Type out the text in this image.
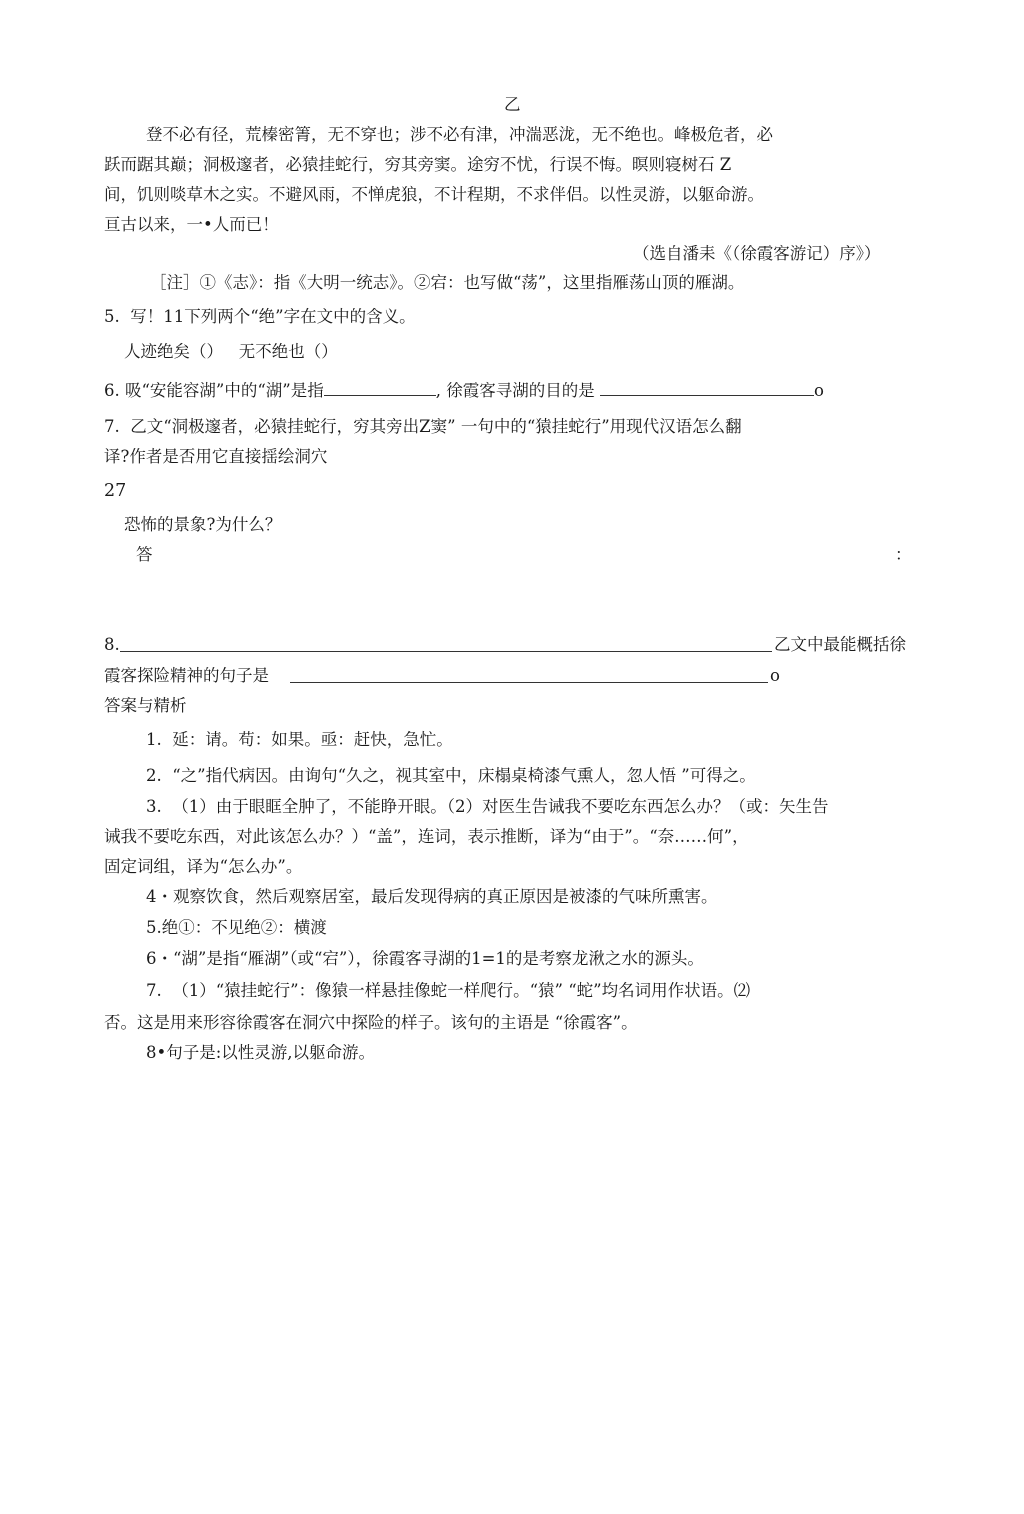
乙
登不必有径，荒榛密箐，无不穿也；涉不必有津，冲湍恶泷，无不绝也。峰极危者，必
跃而踞其巅；洞极邃者，必猿挂蛇行，穷其旁窦。途穷不忧，行误不悔。暝则寝树石 Z
间，饥则啖草木之实。不避风雨，不惮虎狼，不计程期，不求伴侣。以性灵游，以躯命游。
亘古以来，一•人而已！
（选自潘耒《（徐霞客游记）序》）
［注］①《志》：指《大明一统志》。②宕：也写做“荡”，这里指雁荡山顶的雁湖。
5.  写！11下列两个“绝”字在文中的含义。
人迹绝矣（）   无不绝也（）
6. 吸“安能容湖”中的“湖”是指	, 徐霞客寻湖的目的是	o
7.  乙文“洞极邃者，必猿挂蛇行，穷其旁出Z窦” 一句中的“猿挂蛇行”用现代汉语怎么翻
译?作者是否用它直接揺绘洞穴
27
恐怖的景象?为什么？
答	：
8.	乙文中最能概括徐
霞客探险精神的句子是	o
答案与精析
1.  延：请。苟：如果。亟：赶快，急忙。
2.  “之”指代病因。由询句“久之，视其室中，床榻桌椅漆气熏人，忽人悟 ”可得之。
3.  （1）由于眼眶全肿了，不能睁开眼。（2）对医生告诫我不要吃东西怎么办？（或：矢生告
诫我不要吃东西，对此该怎么办？）“盖”，连词，表示推断，译为“由于”。“奈……何”，
固定词组，译为“怎么办”。
4・观察饮食，然后观察居室，最后发现得病的真正原因是被漆的气味所熏害。
5.绝①：不见绝②：横渡
6・“湖”是指“雁湖”（或“宕”），徐霞客寻湖的1=1的是考察龙湫之水的源头。
7.  （1）“猿挂蛇行”：像猿一样悬挂像蛇一样爬行。“猿” “蛇”均名词用作状语。⑵
否。这是用来形容徐霞客在洞穴中探险的样子。该句的主语是 “徐霞客”。
8•句子是:以性灵游,以躯命游。
